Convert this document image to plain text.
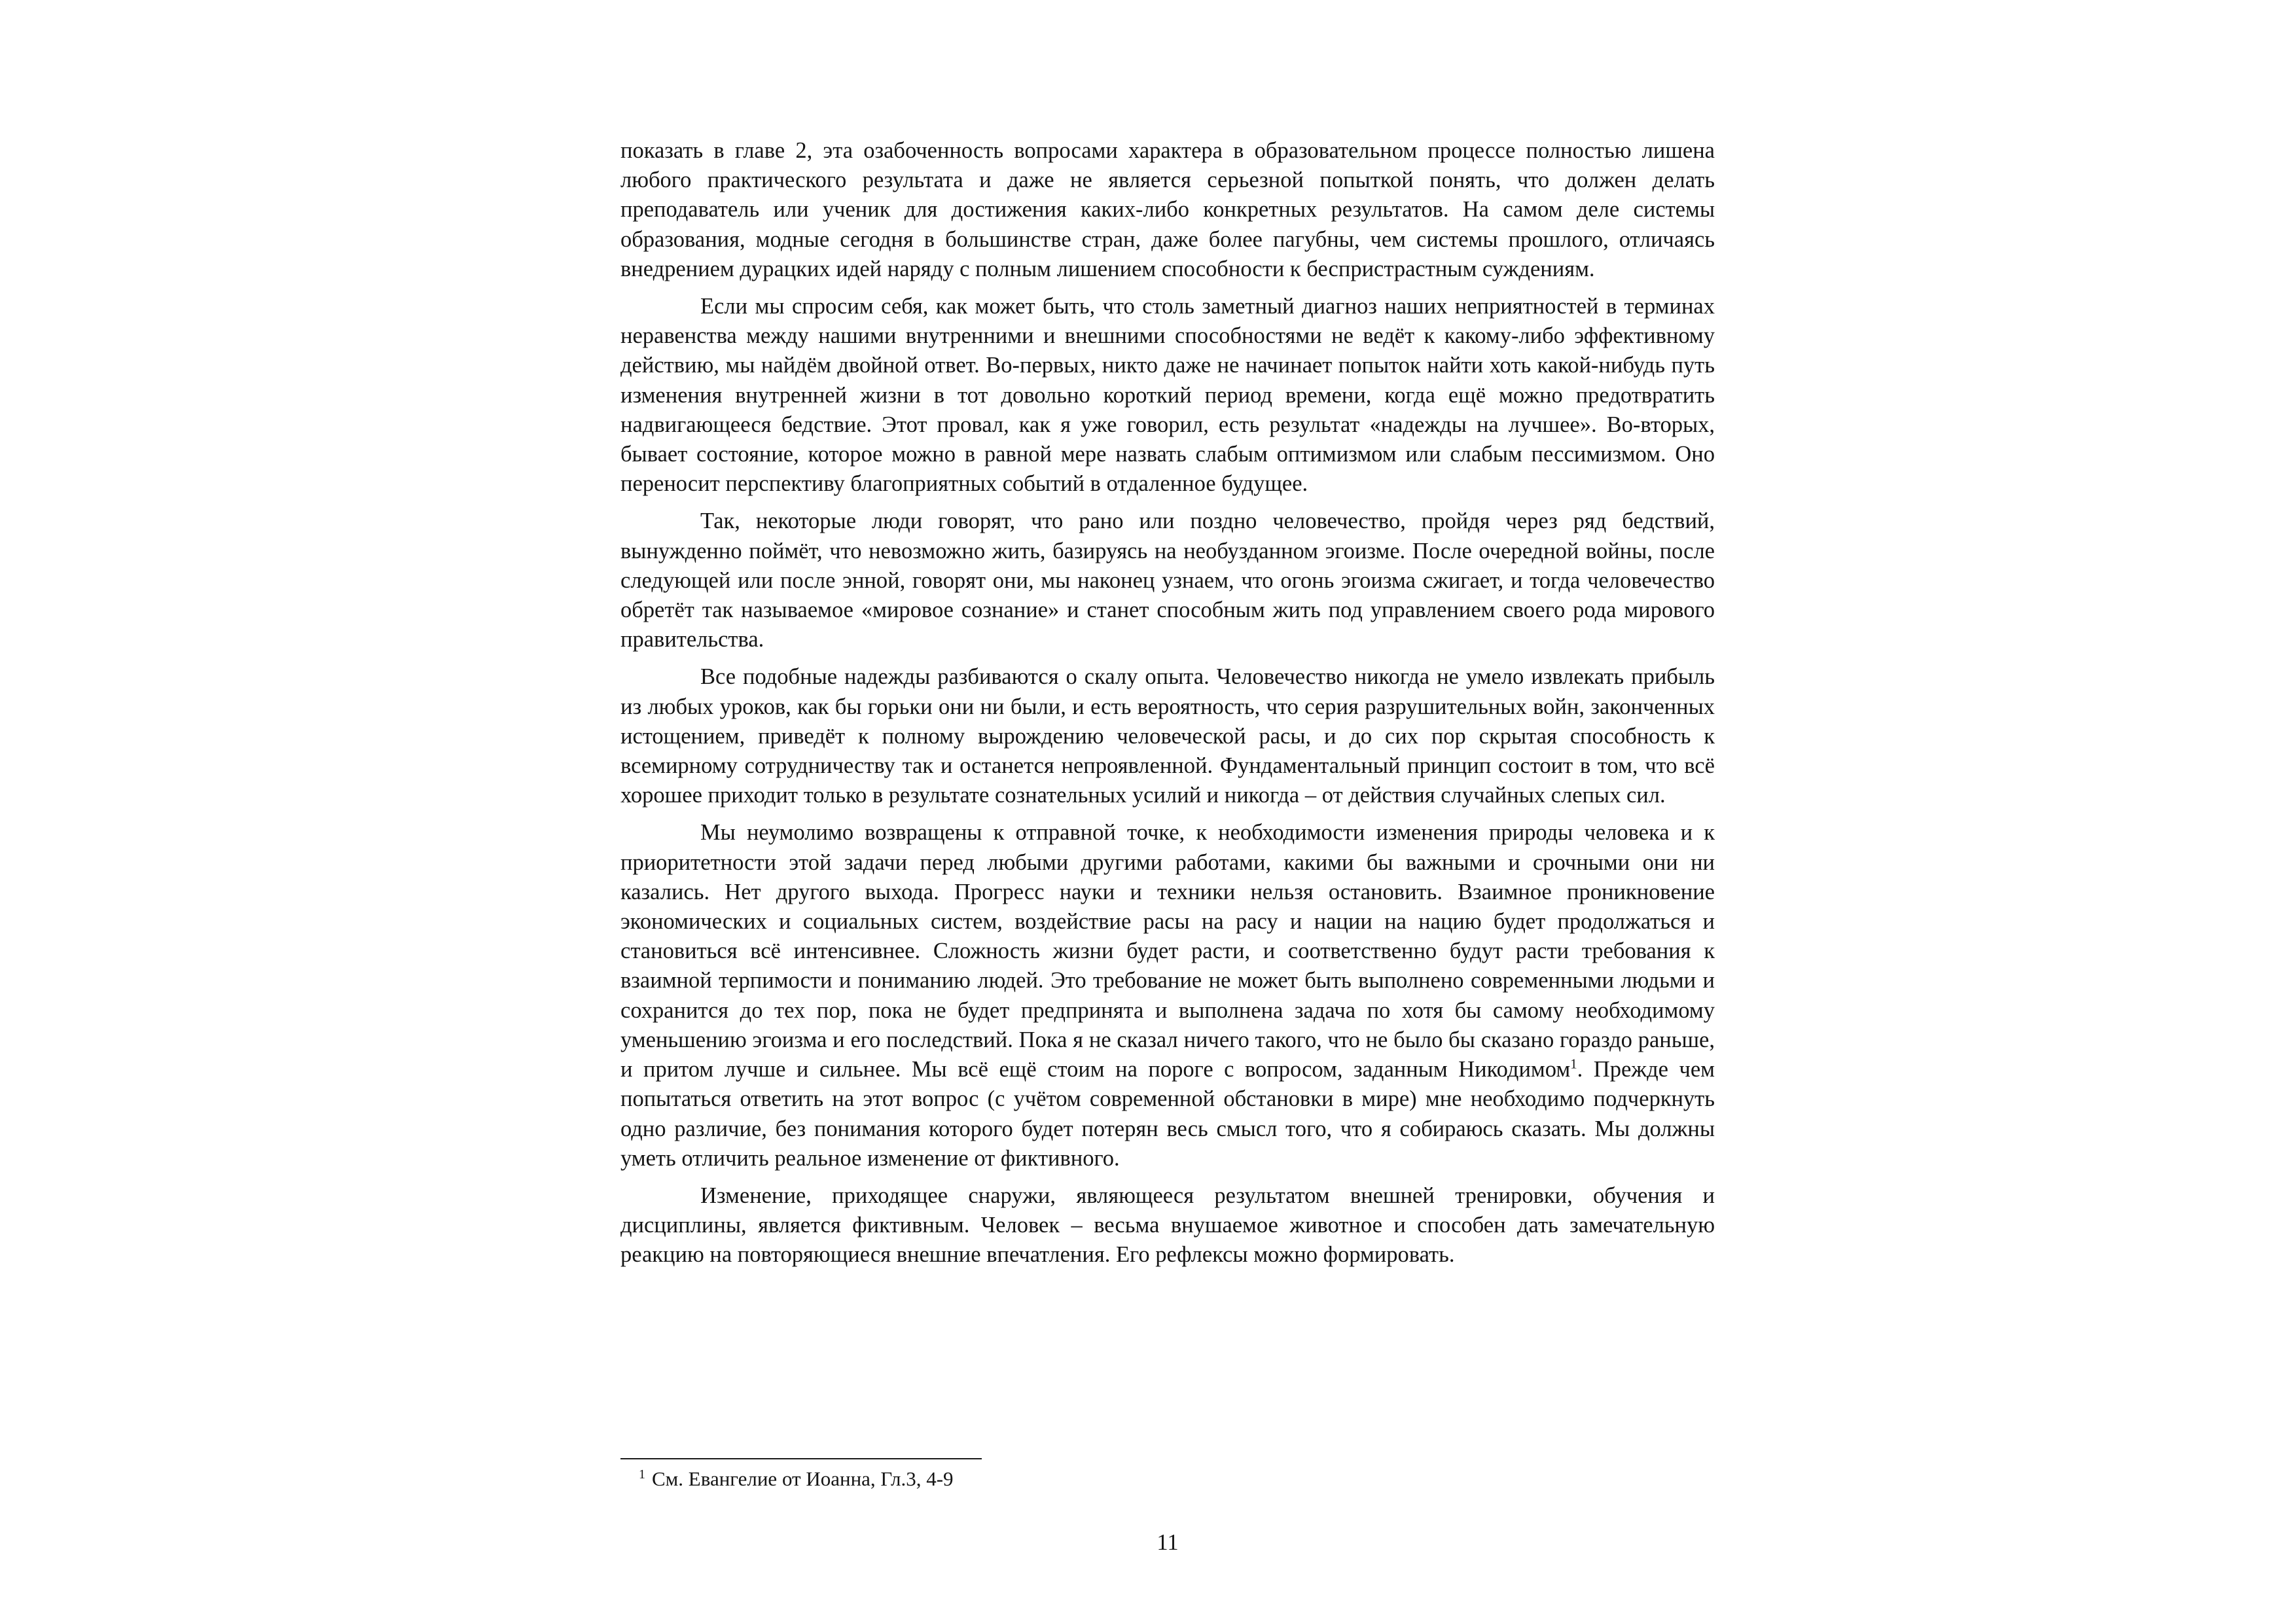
показать в главе 2, эта озабоченность вопросами характера в образовательном процессе полностью лишена любого практического результата и даже не является серьезной попыткой понять, что должен делать преподаватель или ученик для достижения каких-либо конкретных результатов. На самом деле системы образования, модные сегодня в большинстве стран, даже более пагубны, чем системы прошлого, отличаясь внедрением дурацких идей наряду с полным лишением способности к беспристрастным суждениям.

Если мы спросим себя, как может быть, что столь заметный диагноз наших неприятностей в терминах неравенства между нашими внутренними и внешними способностями не ведёт к какому-либо эффективному действию, мы найдём двойной ответ. Во-первых, никто даже не начинает попыток найти хоть какой-нибудь путь изменения внутренней жизни в тот довольно короткий период времени, когда ещё можно предотвратить надвигающееся бедствие. Этот провал, как я уже говорил, есть результат «надежды на лучшее». Во-вторых, бывает состояние, которое можно в равной мере назвать слабым оптимизмом или слабым пессимизмом. Оно переносит перспективу благоприятных событий в отдаленное будущее.

Так, некоторые люди говорят, что рано или поздно человечество, пройдя через ряд бедствий, вынужденно поймёт, что невозможно жить, базируясь на необузданном эгоизме. После очередной войны, после следующей или после энной, говорят они, мы наконец узнаем, что огонь эгоизма сжигает, и тогда человечество обретёт так называемое «мировое сознание» и станет способным жить под управлением своего рода мирового правительства.

Все подобные надежды разбиваются о скалу опыта. Человечество никогда не умело извлекать прибыль из любых уроков, как бы горьки они ни были, и есть вероятность, что серия разрушительных войн, законченных истощением, приведёт к полному вырождению человеческой расы, и до сих пор скрытая способность к всемирному сотрудничеству так и останется непроявленной. Фундаментальный принцип состоит в том, что всё хорошее приходит только в результате сознательных усилий и никогда – от действия случайных слепых сил.

Мы неумолимо возвращены к отправной точке, к необходимости изменения природы человека и к приоритетности этой задачи перед любыми другими работами, какими бы важными и срочными они ни казались. Нет другого выхода. Прогресс науки и техники нельзя остановить. Взаимное проникновение экономических и социальных систем, воздействие расы на расу и нации на нацию будет продолжаться и становиться всё интенсивнее. Сложность жизни будет расти, и соответственно будут расти требования к взаимной терпимости и пониманию людей. Это требование не может быть выполнено современными людьми и сохранится до тех пор, пока не будет предпринята и выполнена задача по хотя бы самому необходимому уменьшению эгоизма и его последствий. Пока я не сказал ничего такого, что не было бы сказано гораздо раньше, и притом лучше и сильнее. Мы всё ещё стоим на пороге с вопросом, заданным Никодимом$^1$. Прежде чем попытаться ответить на этот вопрос (с учётом современной обстановки в мире) мне необходимо подчеркнуть одно различие, без понимания которого будет потерян весь смысл того, что я собираюсь сказать. Мы должны уметь отличить реальное изменение от фиктивного.

Изменение, приходящее снаружи, являющееся результатом внешней тренировки, обучения и дисциплины, является фиктивным. Человек – весьма внушаемое животное и способен дать замечательную реакцию на повторяющиеся внешние впечатления. Его рефлексы можно формировать.

$^1$ См. Евангелие от Иоанна, Гл.3, 4-9
11
